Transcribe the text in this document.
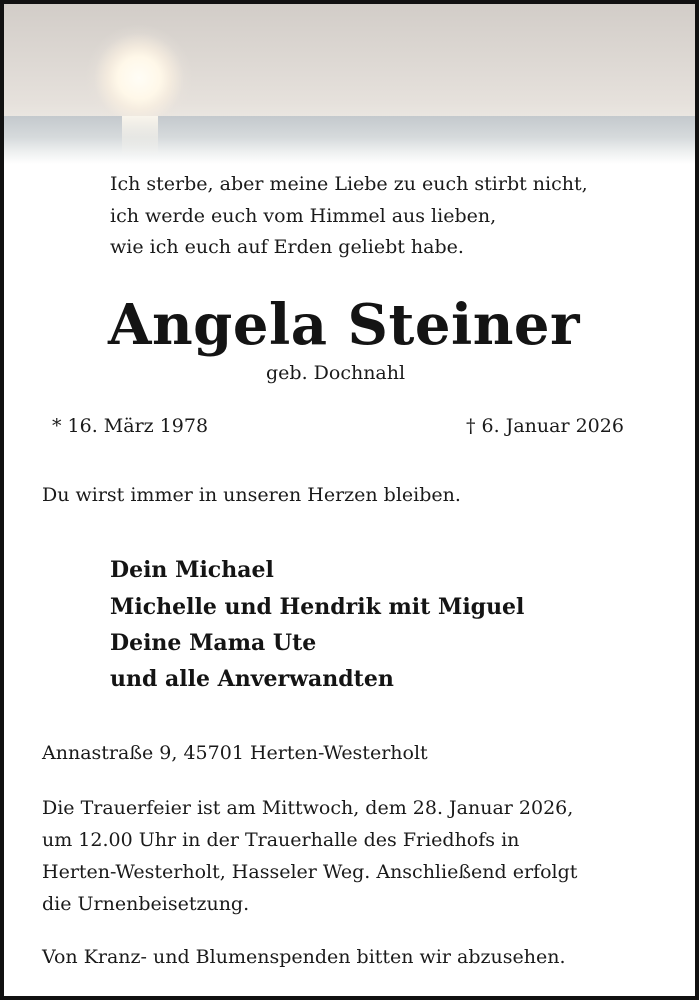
Ich sterbe, aber meine Liebe zu euch stirbt nicht,
ich werde euch vom Himmel aus lieben,
wie ich euch auf Erden geliebt habe.
Angela Steiner
geb. Dochnahl
* 16. März 1978	† 6. Januar 2026
Du wirst immer in unseren Herzen bleiben.
Dein Michael
Michelle und Hendrik mit Miguel
Deine Mama Ute
und alle Anverwandten
Annastraße 9, 45701 Herten-Westerholt
Die Trauerfeier ist am Mittwoch, dem 28. Januar 2026,
um 12.00 Uhr in der Trauerhalle des Friedhofs in
Herten-Westerholt, Hasseler Weg. Anschließend erfolgt
die Urnenbeisetzung.
Von Kranz- und Blumenspenden bitten wir abzusehen.
